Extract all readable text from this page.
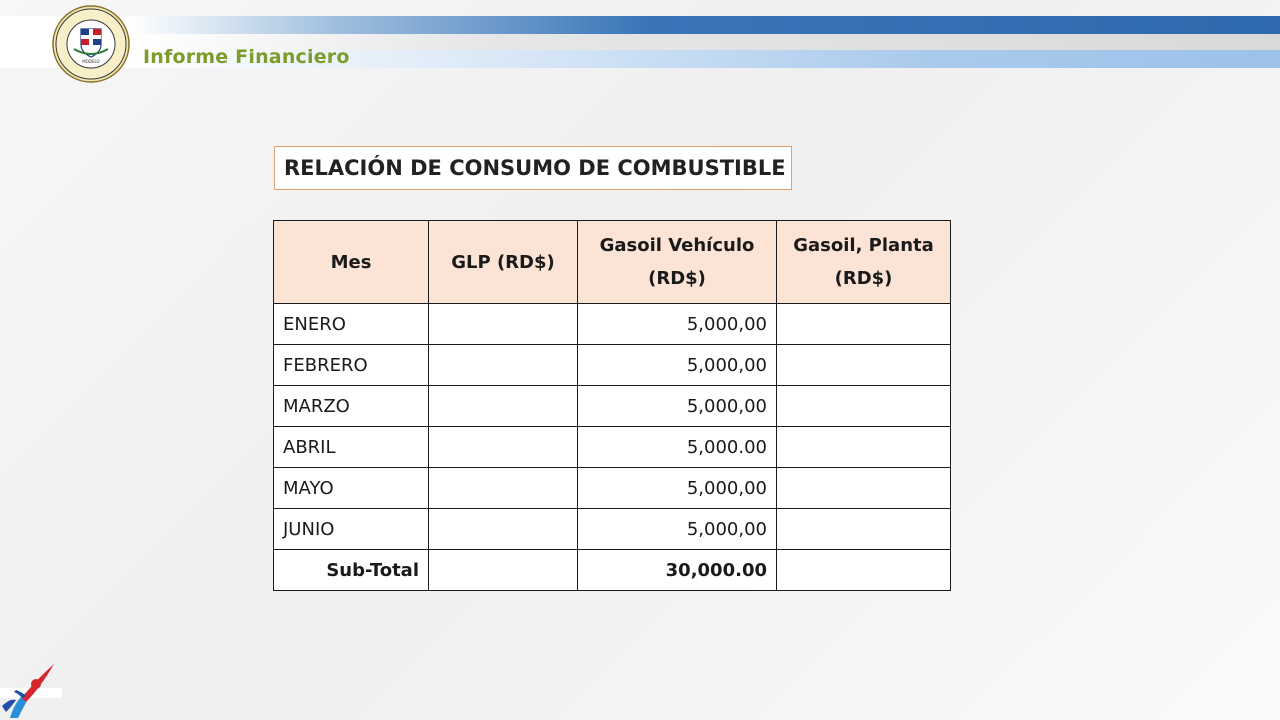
MODELO Informe Financiero
RELACIÓN DE CONSUMO DE COMBUSTIBLE
Mes	GLP (RD$)	Gasoil Vehículo (RD$)	Gasoil, Planta (RD$)
ENERO		5,000,00	
FEBRERO		5,000,00	
MARZO		5,000,00	
ABRIL		5,000.00	
MAYO		5,000,00	
JUNIO		5,000,00	
Sub-Total		30,000.00	
